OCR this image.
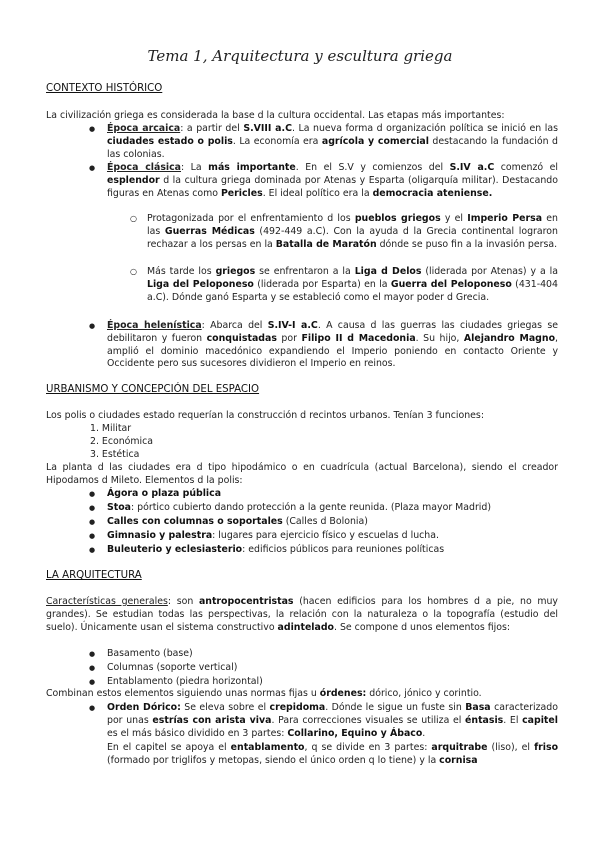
Tema 1, Arquitectura y escultura griega
CONTEXTO HISTÓRICO
La civilización griega es considerada la base d la cultura occidental. Las etapas más importantes:
● Época arcaica: a partir del S.VIII a.C. La nueva forma d organización política se inició en las ciudades estado o polis. La economía era agrícola y comercial destacando la fundación d las colonias.
● Época clásica: La más importante. En el S.V y comienzos del S.IV a.C comenzó el esplendor d la cultura griega dominada por Atenas y Esparta (oligarquía militar). Destacando figuras en Atenas como Pericles. El ideal político era la democracia ateniense.
○ Protagonizada por el enfrentamiento d los pueblos griegos y el Imperio Persa en las Guerras Médicas (492-449 a.C). Con la ayuda d la Grecia continental lograron rechazar a los persas en la Batalla de Maratón dónde se puso fin a la invasión persa.
○ Más tarde los griegos se enfrentaron a la Liga d Delos (liderada por Atenas) y a la Liga del Peloponeso (liderada por Esparta) en la Guerra del Peloponeso (431-404 a.C). Dónde ganó Esparta y se estableció como el mayor poder d Grecia.
● Época helenística: Abarca del S.IV-I a.C. A causa d las guerras las ciudades griegas se debilitaron y fueron conquistadas por Filipo II d Macedonia. Su hijo, Alejandro Magno, amplió el dominio macedónico expandiendo el Imperio poniendo en contacto Oriente y Occidente pero sus sucesores dividieron el Imperio en reinos.
URBANISMO Y CONCEPCIÓN DEL ESPACIO
Los polis o ciudades estado requerían la construcción d recintos urbanos. Tenían 3 funciones:
1. Militar
2. Económica
3. Estética
La planta d las ciudades era d tipo hipodámico o en cuadrícula (actual Barcelona), siendo el creador Hipodamos d Mileto. Elementos d la polis:
● Ágora o plaza pública
● Stoa: pórtico cubierto dando protección a la gente reunida. (Plaza mayor Madrid)
● Calles con columnas o soportales (Calles d Bolonia)
● Gimnasio y palestra: lugares para ejercicio físico y escuelas d lucha.
● Buleuterio y eclesiasterio: edificios públicos para reuniones políticas
LA ARQUITECTURA
Características generales: son antropocentristas (hacen edificios para los hombres d a pie, no muy grandes). Se estudian todas las perspectivas, la relación con la naturaleza o la topografía (estudio del suelo). Únicamente usan el sistema constructivo adintelado. Se compone d unos elementos fijos:
● Basamento (base)
● Columnas (soporte vertical)
● Entablamento (piedra horizontal)
Combinan estos elementos siguiendo unas normas fijas u órdenes: dórico, jónico y corintio.
● Orden Dórico: Se eleva sobre el crepidoma. Dónde le sigue un fuste sin Basa caracterizado por unas estrías con arista viva. Para correcciones visuales se utiliza el éntasis. El capitel es el más básico dividido en 3 partes: Collarino, Equino y Ábaco.
En el capitel se apoya el entablamento, q se divide en 3 partes: arquitrabe (liso), el friso (formado por triglifos y metopas, siendo el único orden q lo tiene) y la cornisa
